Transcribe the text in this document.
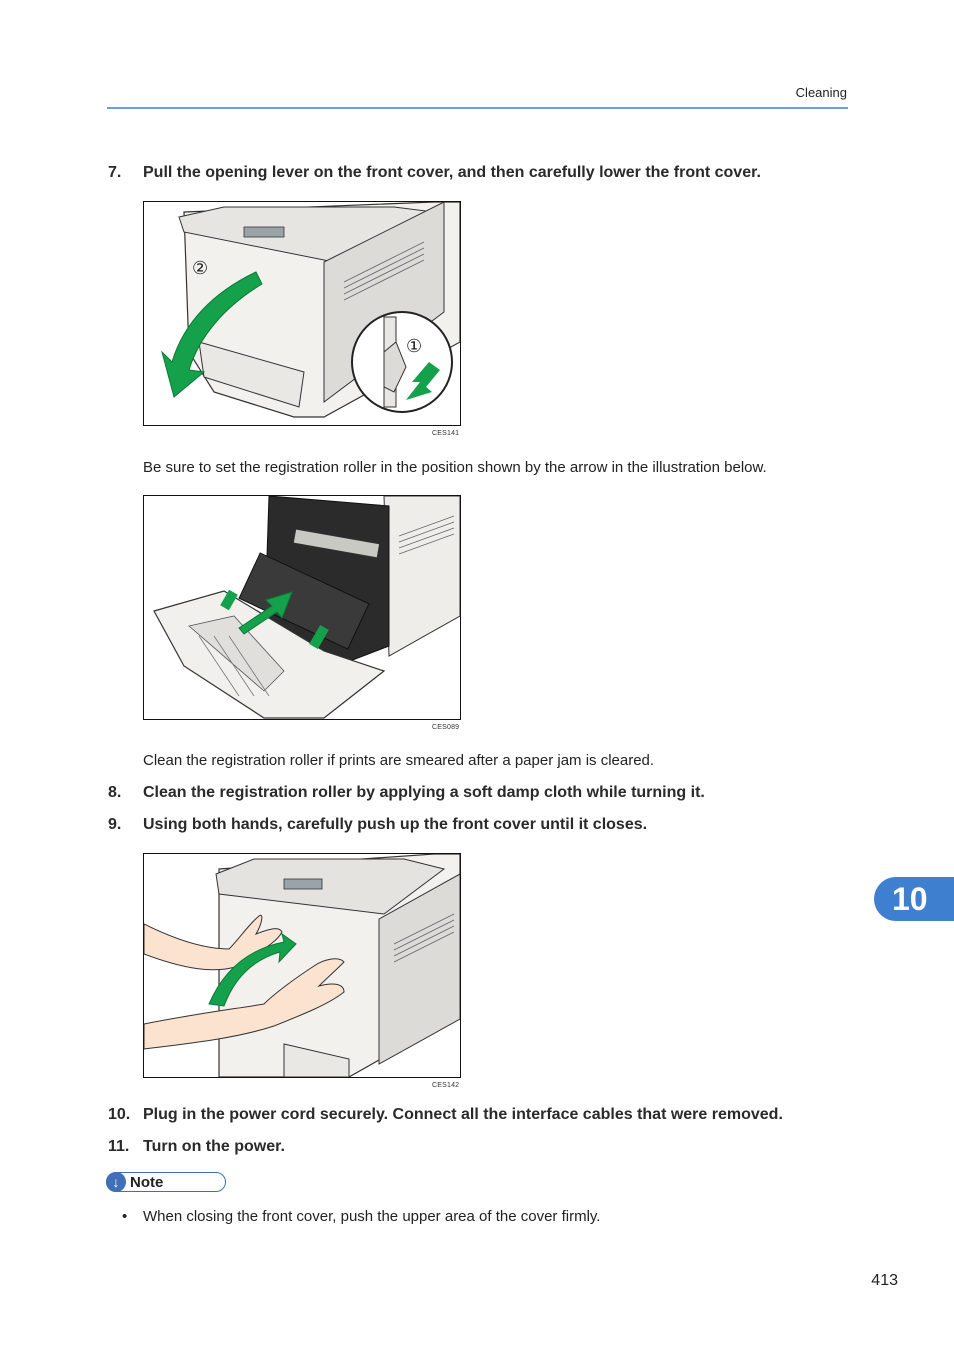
Cleaning
7.	Pull the opening lever on the front cover, and then carefully lower the front cover.
①
②
CES141
Be sure to set the registration roller in the position shown by the arrow in the illustration below.
CES089
Clean the registration roller if prints are smeared after a paper jam is cleared.
8.	Clean the registration roller by applying a soft damp cloth while turning it.
9.	Using both hands, carefully push up the front cover until it closes.
CES142
10. Plug in the power cord securely. Connect all the interface cables that were removed.
11. Turn on the power.
↓ Note
•	When closing the front cover, push the upper area of the cover firmly.
10
413
